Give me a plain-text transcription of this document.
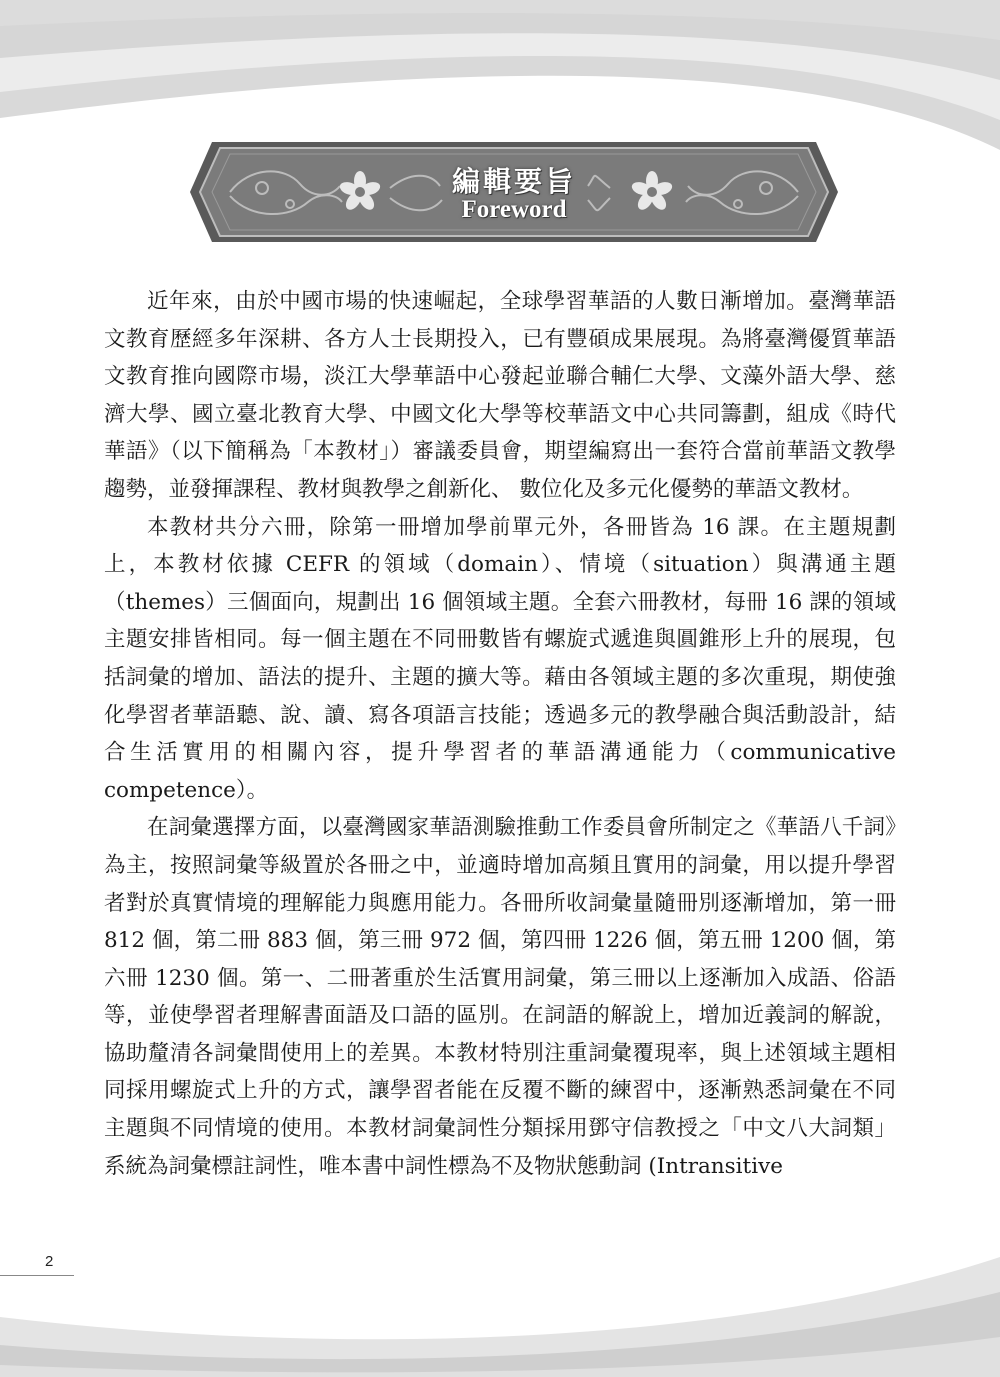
編輯要旨
Foreword

近年來，由於中國市場的快速崛起，全球學習華語的人數日漸增加。臺灣華語文教育歷經多年深耕、各方人士長期投入，已有豐碩成果展現。為將臺灣優質華語文教育推向國際市場，淡江大學華語中心發起並聯合輔仁大學、文藻外語大學、慈濟大學、國立臺北教育大學、中國文化大學等校華語文中心共同籌劃，組成《時代華語》（以下簡稱為「本教材」）審議委員會，期望編寫出一套符合當前華語文教學趨勢，並發揮課程、教材與教學之創新化、 數位化及多元化優勢的華語文教材。

本教材共分六冊，除第一冊增加學前單元外，各冊皆為 16 課。在主題規劃上，本教材依據 CEFR 的領域（domain）、情境（situation）與溝通主題（themes）三個面向，規劃出 16 個領域主題。全套六冊教材，每冊 16 課的領域主題安排皆相同。每一個主題在不同冊數皆有螺旋式遞進與圓錐形上升的展現，包括詞彙的增加、語法的提升、主題的擴大等。藉由各領域主題的多次重現，期使強化學習者華語聽、說、讀、寫各項語言技能；透過多元的教學融合與活動設計，結合生活實用的相關內容，提升學習者的華語溝通能力（communicative competence）。

在詞彙選擇方面，以臺灣國家華語測驗推動工作委員會所制定之《華語八千詞》為主，按照詞彙等級置於各冊之中，並適時增加高頻且實用的詞彙，用以提升學習者對於真實情境的理解能力與應用能力。各冊所收詞彙量隨冊別逐漸增加，第一冊 812 個，第二冊 883 個，第三冊 972 個，第四冊 1226 個，第五冊 1200 個，第六冊 1230 個。第一、二冊著重於生活實用詞彙，第三冊以上逐漸加入成語、俗語等，並使學習者理解書面語及口語的區別。在詞語的解說上，增加近義詞的解說，協助釐清各詞彙間使用上的差異。本教材特別注重詞彙覆現率，與上述領域主題相同採用螺旋式上升的方式，讓學習者能在反覆不斷的練習中，逐漸熟悉詞彙在不同主題與不同情境的使用。本教材詞彙詞性分類採用鄧守信教授之「中文八大詞類」系統為詞彙標註詞性，唯本書中詞性標為不及物狀態動詞 (Intransitive

2
